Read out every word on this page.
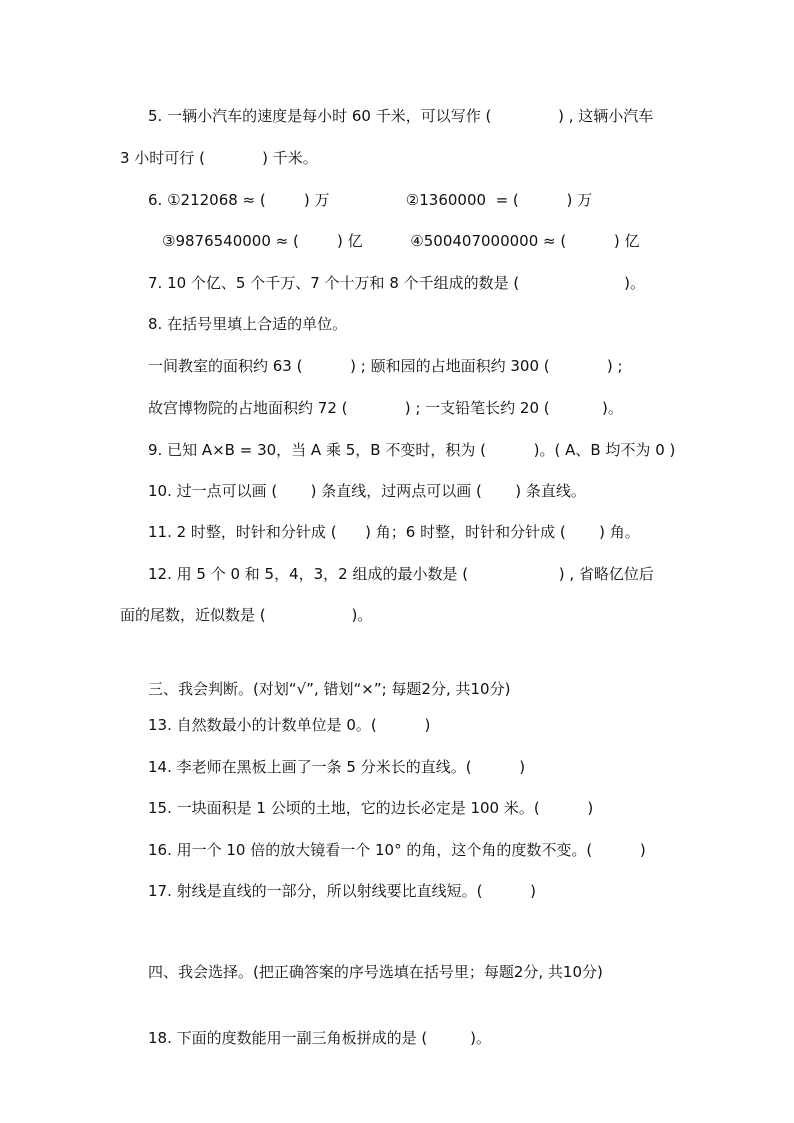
5. 一辆小汽车的速度是每小时 60 千米，可以写作 (              ) , 这辆小汽车
3 小时可行 (            ) 千米。
6. ①212068 ≈ (        ) 万                ②1360000  = (          ) 万
③9876540000 ≈ (        ) 亿          ④500407000000 ≈ (          ) 亿
7. 10 个亿、5 个千万、7 个十万和 8 个千组成的数是 (                      )。
8. 在括号里填上合适的单位。
一间教室的面积约 63 (          ) ; 颐和园的占地面积约 300 (            ) ;
故宫博物院的占地面积约 72 (            ) ; 一支铅笔长约 20 (           )。
9. 已知 A×B = 30，当 A 乘 5，B 不变时，积为 (          )。( A、B 均不为 0 )
10. 过一点可以画 (       ) 条直线，过两点可以画 (       ) 条直线。
11. 2 时整，时针和分针成 (      ) 角；6 时整，时针和分针成 (       ) 角。
12. 用 5 个 0 和 5，4，3，2 组成的最小数是 (                   ) , 省略亿位后
面的尾数，近似数是 (                  )。
三、我会判断。(对划“√”, 错划“×”; 每题2分, 共10分)
13. 自然数最小的计数单位是 0。(          )
14. 李老师在黑板上画了一条 5 分米长的直线。(          )
15. 一块面积是 1 公顷的土地，它的边长必定是 100 米。(          )
16. 用一个 10 倍的放大镜看一个 10° 的角，这个角的度数不变。(          )
17. 射线是直线的一部分，所以射线要比直线短。(          )
四、我会选择。(把正确答案的序号选填在括号里；每题2分, 共10分)
18. 下面的度数能用一副三角板拼成的是 (         )。
